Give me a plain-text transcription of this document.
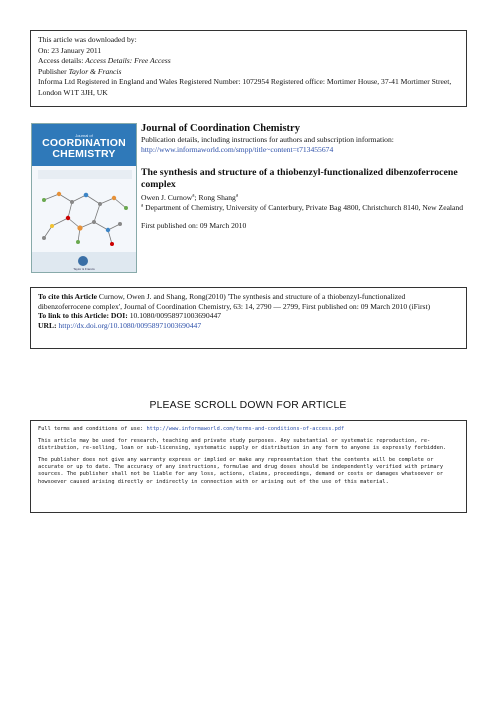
This article was downloaded by:
On: 23 January 2011
Access details: Access Details: Free Access
Publisher Taylor & Francis
Informa Ltd Registered in England and Wales Registered Number: 1072954 Registered office: Mortimer House, 37-41 Mortimer Street, London W1T 3JH, UK
Journal of
COORDINATION CHEMISTRY
Taylor & Francis
Journal of Coordination Chemistry
Publication details, including instructions for authors and subscription information:
http://www.informaworld.com/smpp/title~content=t713455674
The synthesis and structure of a thiobenzyl-functionalized dibenzoferrocene complex
Owen J. Curnow$^a$; Rong Shang$^a$
$^a$ Department of Chemistry, University of Canterbury, Private Bag 4800, Christchurch 8140, New Zealand
First published on: 09 March 2010
To cite this Article Curnow, Owen J. and Shang, Rong(2010) 'The synthesis and structure of a thiobenzyl-functionalized dibenzoferrocene complex', Journal of Coordination Chemistry, 63: 14, 2790 — 2799, First published on: 09 March 2010 (iFirst)
To link to this Article: DOI: 10.1080/00958971003690447
URL: http://dx.doi.org/10.1080/00958971003690447
PLEASE SCROLL DOWN FOR ARTICLE

Full terms and conditions of use: http://www.informaworld.com/terms-and-conditions-of-access.pdf

This article may be used for research, teaching and private study purposes. Any substantial or systematic reproduction, re-distribution, re-selling, loan or sub-licensing, systematic supply or distribution in any form to anyone is expressly forbidden.

The publisher does not give any warranty express or implied or make any representation that the contents will be complete or accurate or up to date. The accuracy of any instructions, formulae and drug doses should be independently verified with primary sources. The publisher shall not be liable for any loss, actions, claims, proceedings, demand or costs or damages whatsoever or howsoever caused arising directly or indirectly in connection with or arising out of the use of this material.
